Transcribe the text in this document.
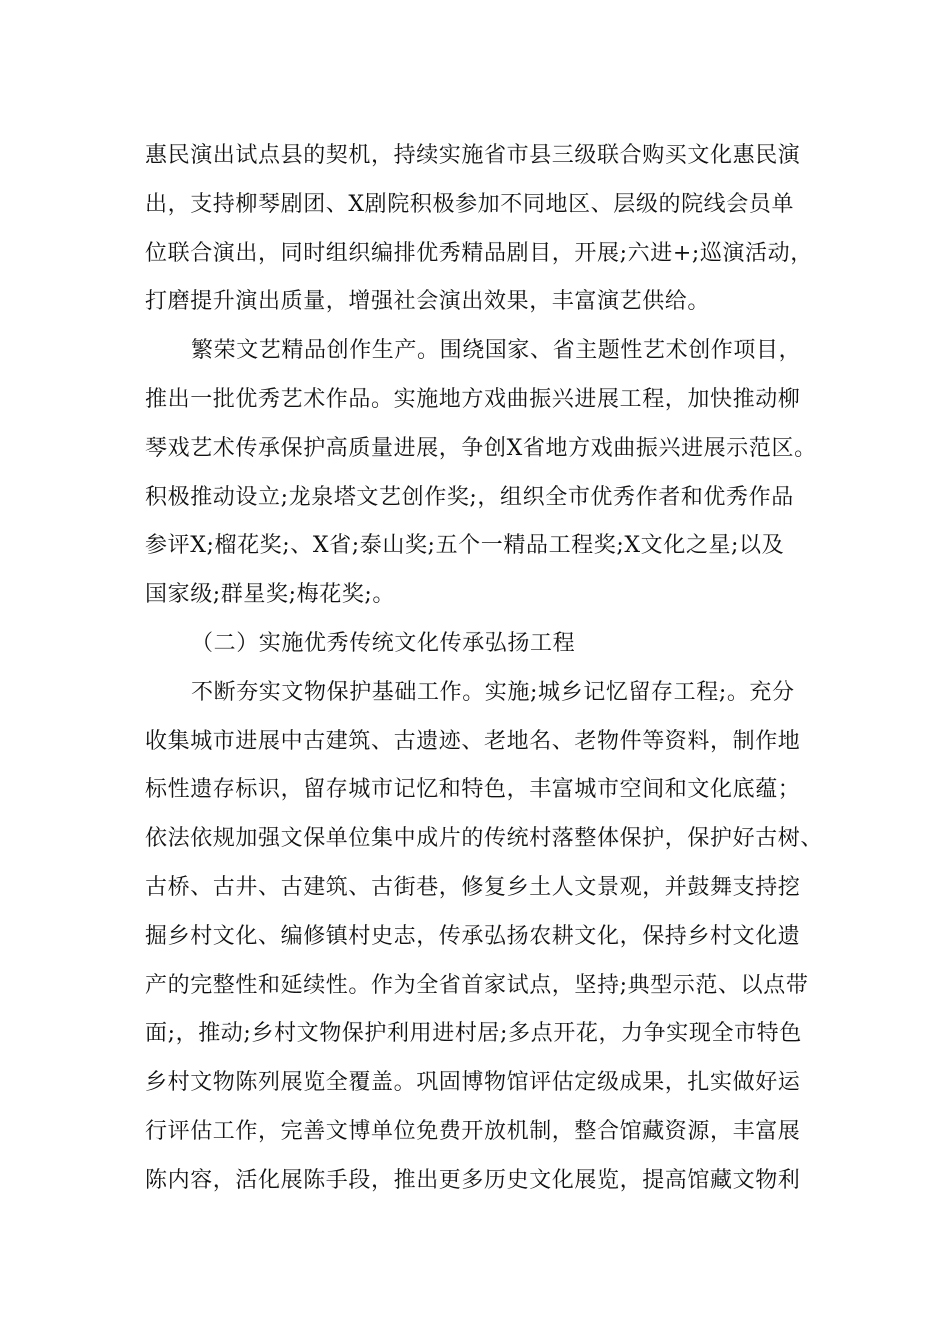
惠民演出试点县的契机，持续实施省市县三级联合购买文化惠民演
出，支持柳琴剧团、X剧院积极参加不同地区、层级的院线会员单
位联合演出，同时组织编排优秀精品剧目，开展;六进+;巡演活动，
打磨提升演出质量，增强社会演出效果，丰富演艺供给。
繁荣文艺精品创作生产。围绕国家、省主题性艺术创作项目，
推出一批优秀艺术作品。实施地方戏曲振兴进展工程，加快推动柳
琴戏艺术传承保护高质量进展，争创X省地方戏曲振兴进展示范区。
积极推动设立;龙泉塔文艺创作奖;，组织全市优秀作者和优秀作品
参评X;榴花奖;、X省;泰山奖;五个一精品工程奖;X文化之星;以及
国家级;群星奖;梅花奖;。
（二）实施优秀传统文化传承弘扬工程
不断夯实文物保护基础工作。实施;城乡记忆留存工程;。充分
收集城市进展中古建筑、古遗迹、老地名、老物件等资料，制作地
标性遗存标识，留存城市记忆和特色，丰富城市空间和文化底蕴；
依法依规加强文保单位集中成片的传统村落整体保护，保护好古树、
古桥、古井、古建筑、古街巷，修复乡土人文景观，并鼓舞支持挖
掘乡村文化、编修镇村史志，传承弘扬农耕文化，保持乡村文化遗
产的完整性和延续性。作为全省首家试点，坚持;典型示范、以点带
面;，推动;乡村文物保护利用进村居;多点开花，力争实现全市特色
乡村文物陈列展览全覆盖。巩固博物馆评估定级成果，扎实做好运
行评估工作，完善文博单位免费开放机制，整合馆藏资源，丰富展
陈内容，活化展陈手段，推出更多历史文化展览，提高馆藏文物利
